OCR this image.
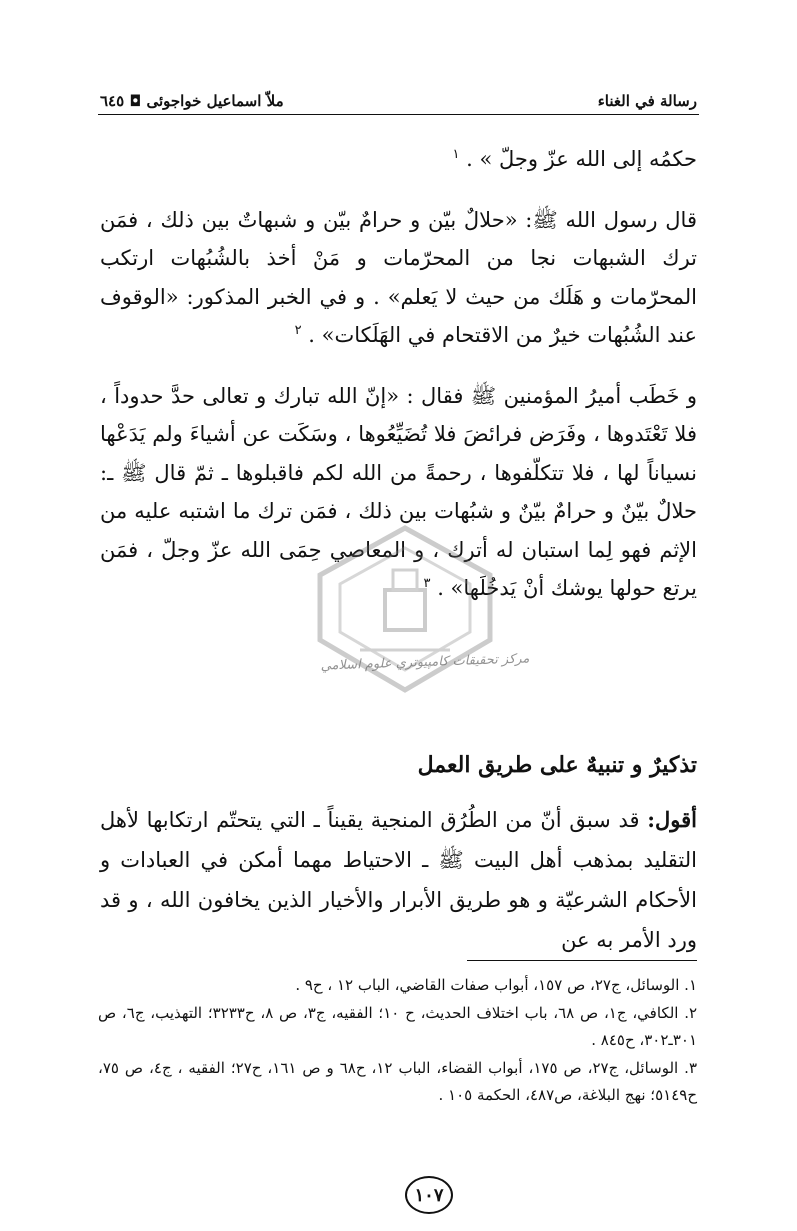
ملاّ اسماعیل خواجوئی ◘ ٦٤٥	رسالة في الغناء

حكمُه إلى الله عزّ وجلّ » . $^١$

قال رسول الله ﷺ: «حلالٌ بيّن و حرامٌ بيّن و شبهاتٌ بين ذلك ، فمَن ترك الشبهات نجا من المحرّمات و مَنْ أخذ بالشُبُهات ارتكب المحرّمات و هَلَك من حيث لا يَعلم» . و في الخبر المذكور: «الوقوف عند الشُبُهات خيرٌ من الاقتحام في الهَلَكات» . $^٢$

و خَطَب أميرُ المؤمنين ﷺ فقال : «إنّ الله تبارك و تعالى حدَّ حدوداً ، فلا تَعْتَدوها ، وفَرَض فرائضَ فلا تُضَيِّعُوها ، وسَكَت عن أشياءَ ولم يَدَعْها نسياناً لها ، فلا تتكلّفوها ، رحمةً من الله لكم فاقبلوها ـ ثمّ قال ﷺ ـ: حلالٌ بيّنٌ و حرامٌ بيّنٌ و شبُهات بين ذلك ، فمَن ترك ما اشتبه عليه من الإثم فهو لِما استبان له أترك ، و المعاصي حِمَى الله عزّ وجلّ ، فمَن يرتع حولها يوشك أنْ يَدخُلَها» . $^٣$

مركز تحقيقات كامپيوتري علوم اسلامي
تذكيرٌ و تنبيهٌ على طريق العمل
أقول: قد سبق أنّ من الطُرُق المنجية يقيناً ـ التي يتحتّم ارتكابها لأهل التقليد بمذهب أهل البيت ﷺ ـ الاحتياط مهما أمكن في العبادات و الأحكام الشرعيّة و هو طريق الأبرار والأخيار الذين يخافون الله ، و قد ورد الأمر به عن

١. الوسائل، ج٢٧، ص ١٥٧، أبواب صفات القاضي، الباب ١٢ ، ح٩ .

٢. الكافي، ج١، ص ٦٨، باب اختلاف الحديث، ح ١٠؛ الفقيه، ج٣، ص ٨، ح٣٢٣٣؛ التهذيب، ج٦، ص ٣٠١ـ٣٠٢، ح٨٤٥ .

٣. الوسائل، ج٢٧، ص ١٧٥، أبواب القضاء، الباب ١٢، ح٦٨ و ص ١٦١، ح٢٧؛ الفقيه ، ج٤، ص ٧٥، ح٥١٤٩؛ نهج البلاغة، ص٤٨٧، الحكمة ١٠٥ .

١٠٧
